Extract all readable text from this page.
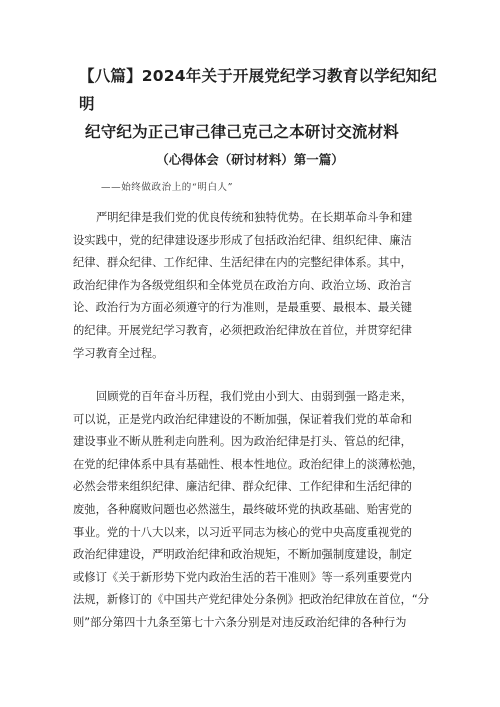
【八篇】2024年关于开展党纪学习教育以学纪知纪明
纪守纪为正己审己律己克己之本研讨交流材料
（心得体会（研讨材料）第一篇）

——始终做政治上的“明白人”

严明纪律是我们党的优良传统和独特优势。在长期革命斗争和建
设实践中，党的纪律建设逐步形成了包括政治纪律、组织纪律、廉洁
纪律、群众纪律、工作纪律、生活纪律在内的完整纪律体系。其中，
政治纪律作为各级党组织和全体党员在政治方向、政治立场、政治言
论、政治行为方面必须遵守的行为准则，是最重要、最根本、最关键
的纪律。开展党纪学习教育，必须把政治纪律放在首位，并贯穿纪律
学习教育全过程。
回顾党的百年奋斗历程，我们党由小到大、由弱到强一路走来，
可以说，正是党内政治纪律建设的不断加强，保证着我们党的革命和
建设事业不断从胜利走向胜利。因为政治纪律是打头、管总的纪律，
在党的纪律体系中具有基础性、根本性地位。政治纪律上的淡薄松弛，
必然会带来组织纪律、廉洁纪律、群众纪律、工作纪律和生活纪律的
废弛，各种腐败问题也必然滋生，最终破坏党的执政基础、贻害党的
事业。党的十八大以来，以习近平同志为核心的党中央高度重视党的
政治纪律建设，严明政治纪律和政治规矩，不断加强制度建设，制定
或修订《关于新形势下党内政治生活的若干准则》等一系列重要党内
法规，新修订的《中国共产党纪律处分条例》把政治纪律放在首位，“分
则”部分第四十九条至第七十六条分别是对违反政治纪律的各种行为
